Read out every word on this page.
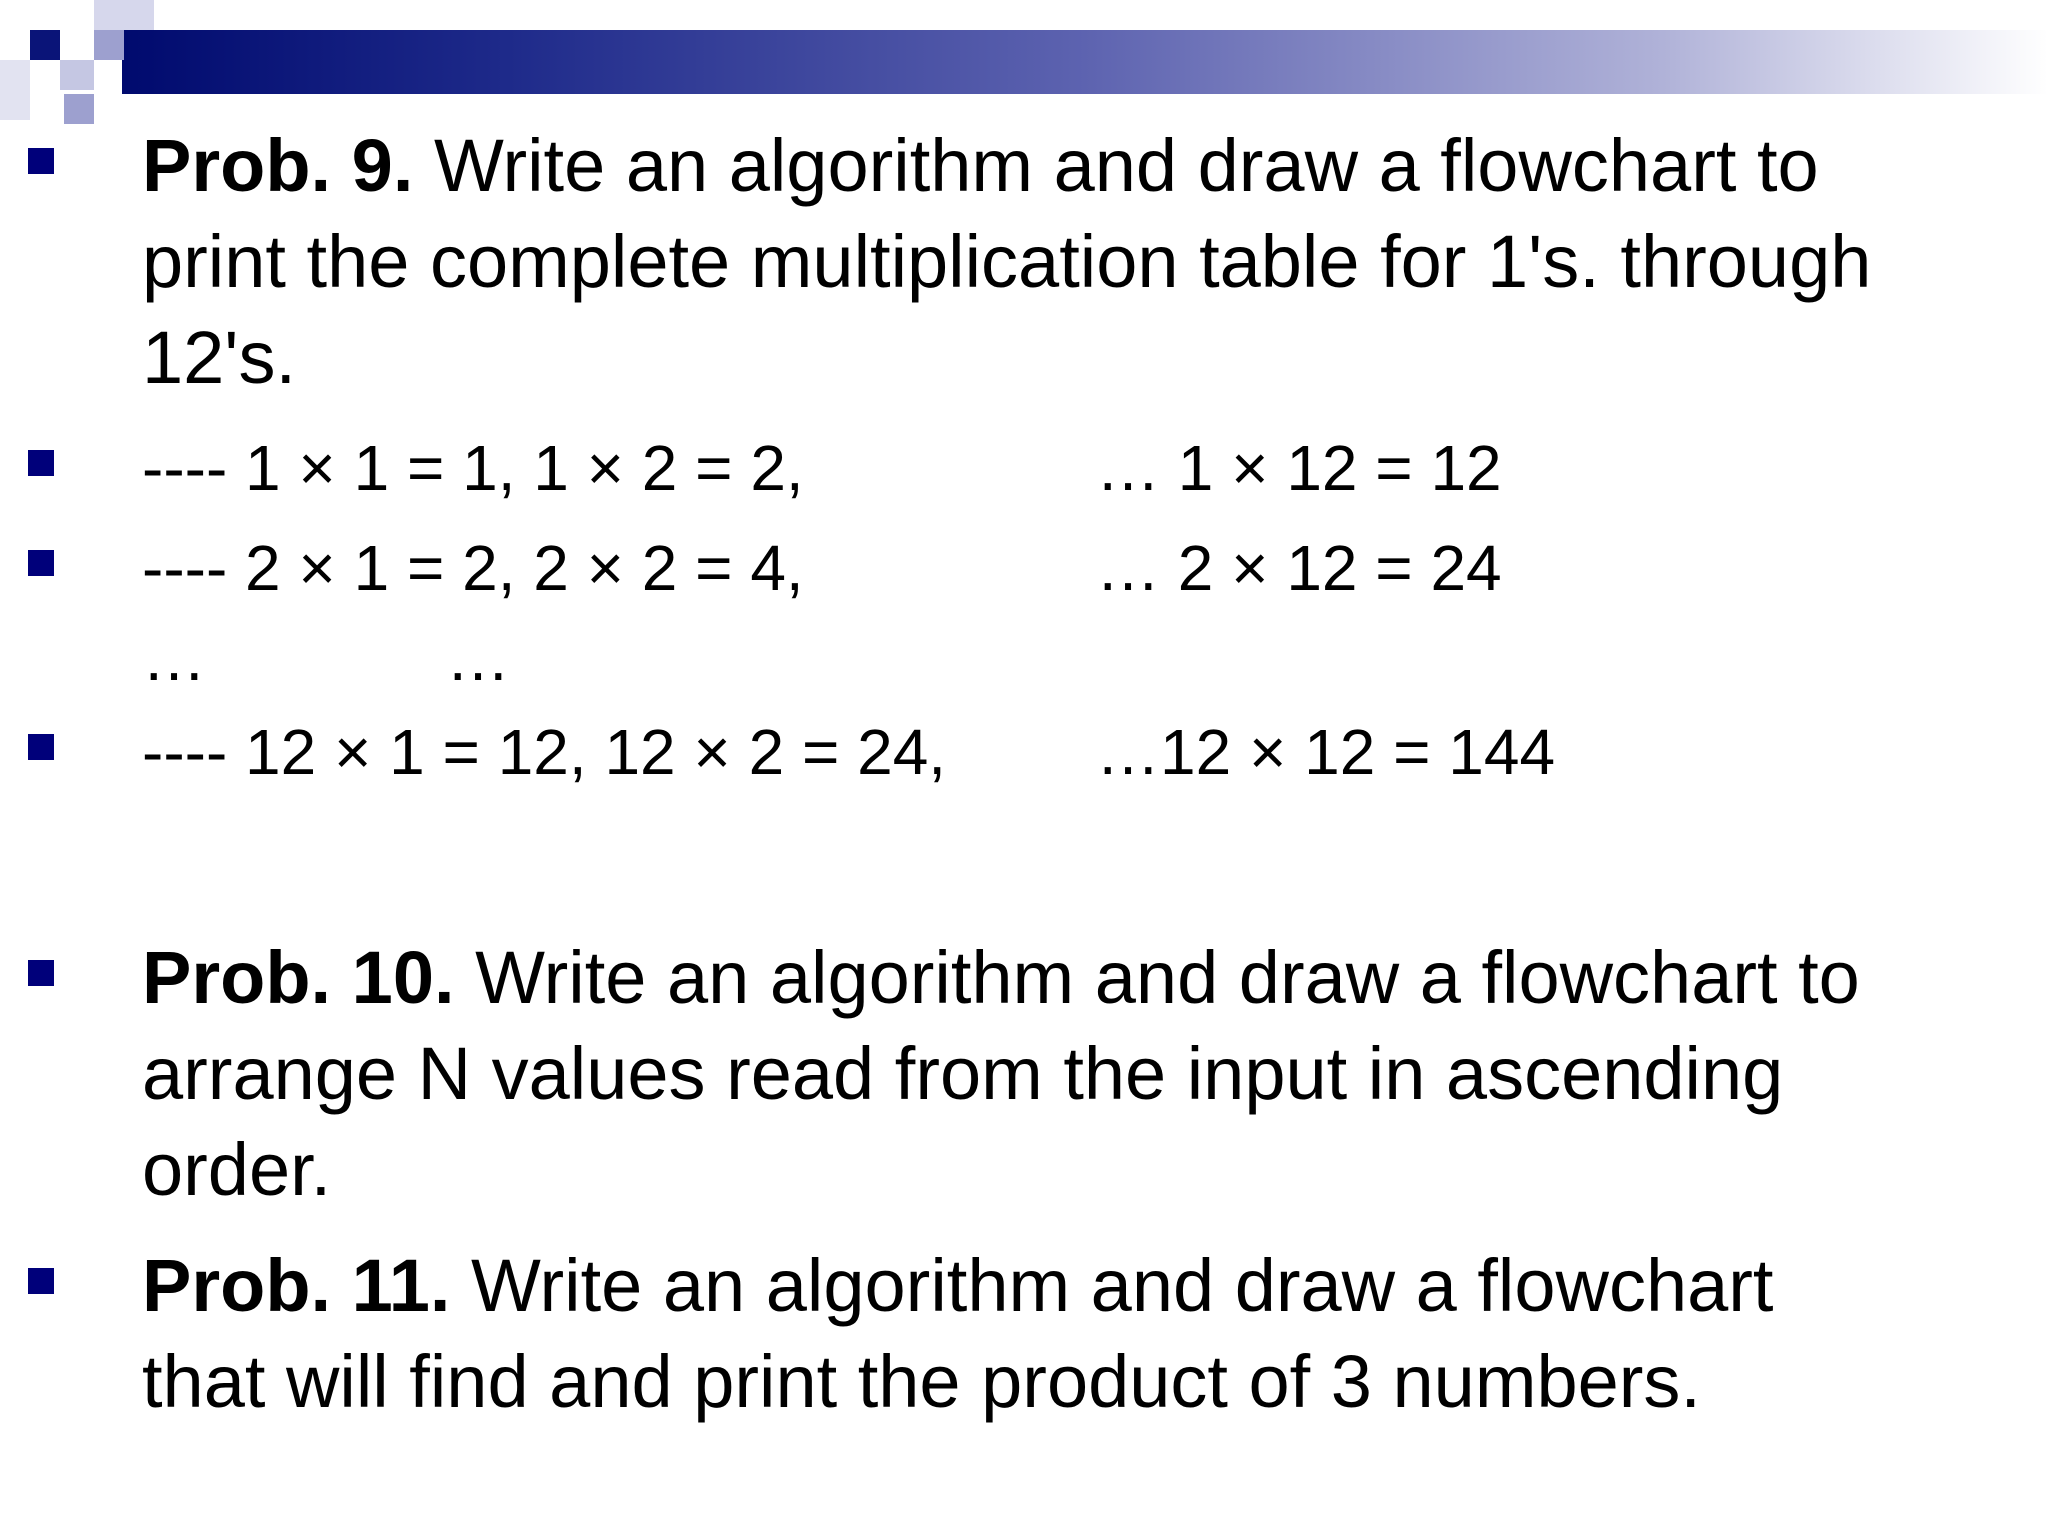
Prob. 9. Write an algorithm and draw a flowchart to
print the complete multiplication table for 1's. through
12's.
---- 1 × 1 = 1, 1 × 2 = 2,	… 1 × 12 = 12
---- 2 × 1 = 2, 2 × 2 = 4,	… 2 × 12 = 24
…	…
---- 12 × 1 = 12, 12 × 2 = 24, …12 × 12 = 144
Prob. 10. Write an algorithm and draw a flowchart to
arrange N values read from the input in ascending
order.
Prob. 11. Write an algorithm and draw a flowchart
that will find and print the product of 3 numbers.
